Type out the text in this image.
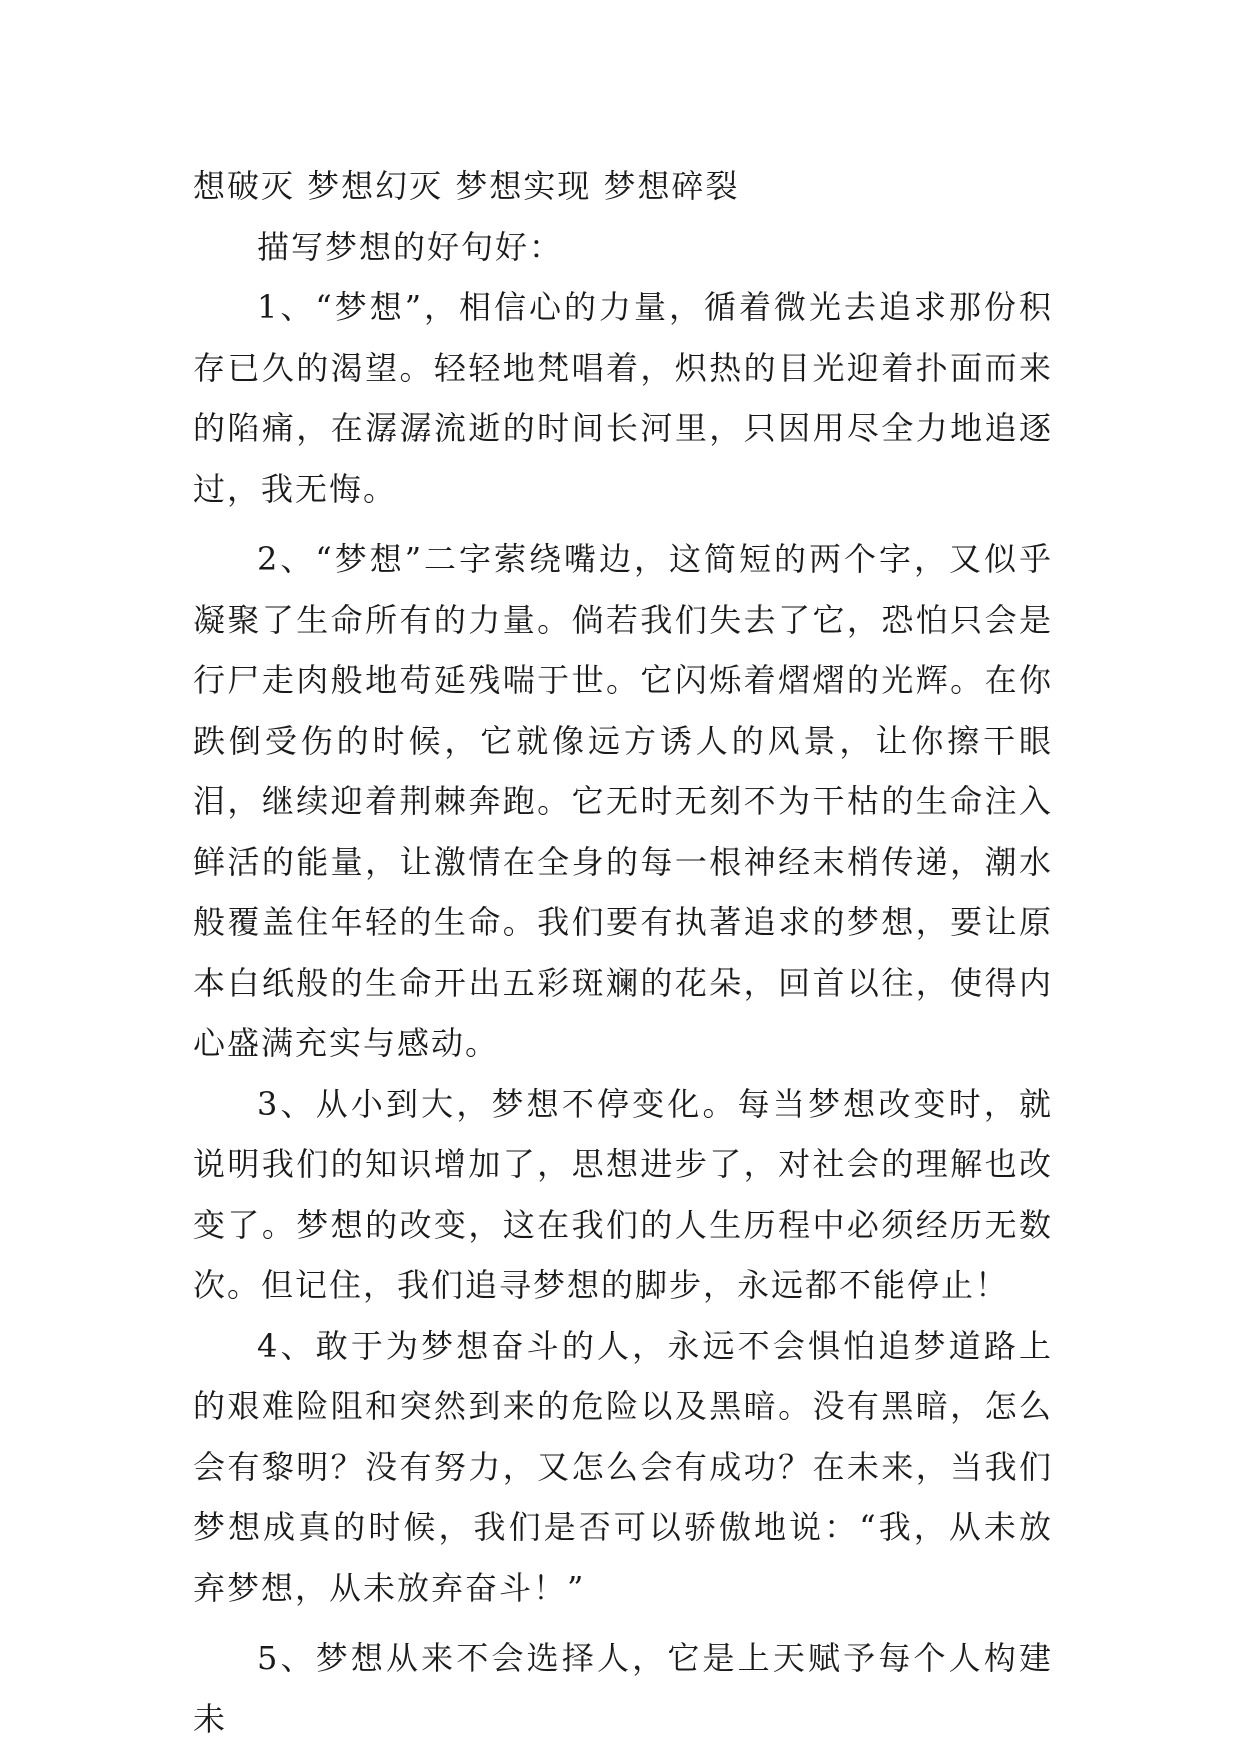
想破灭 梦想幻灭 梦想实现 梦想碎裂

描写梦想的好句好：

1、“梦想”，相信心的力量，循着微光去追求那份积存已久的渴望。轻轻地梵唱着，炽热的目光迎着扑面而来的陷痛，在潺潺流逝的时间长河里，只因用尽全力地追逐过，我无悔。

2、“梦想”二字萦绕嘴边，这简短的两个字，又似乎凝聚了生命所有的力量。倘若我们失去了它，恐怕只会是行尸走肉般地苟延残喘于世。它闪烁着熠熠的光辉。在你跌倒受伤的时候，它就像远方诱人的风景，让你擦干眼泪，继续迎着荆棘奔跑。它无时无刻不为干枯的生命注入鲜活的能量，让激情在全身的每一根神经末梢传递，潮水般覆盖住年轻的生命。我们要有执著追求的梦想，要让原本白纸般的生命开出五彩斑斓的花朵，回首以往，使得内心盛满充实与感动。

3、从小到大，梦想不停变化。每当梦想改变时，就说明我们的知识增加了，思想进步了，对社会的理解也改变了。梦想的改变，这在我们的人生历程中必须经历无数次。但记住，我们追寻梦想的脚步，永远都不能停止！

4、敢于为梦想奋斗的人，永远不会惧怕追梦道路上的艰难险阻和突然到来的危险以及黑暗。没有黑暗，怎么会有黎明？没有努力，又怎么会有成功？在未来，当我们梦想成真的时候，我们是否可以骄傲地说：“我，从未放弃梦想，从未放弃奋斗！”

5、梦想从来不会选择人，它是上天赋予每个人构建未
